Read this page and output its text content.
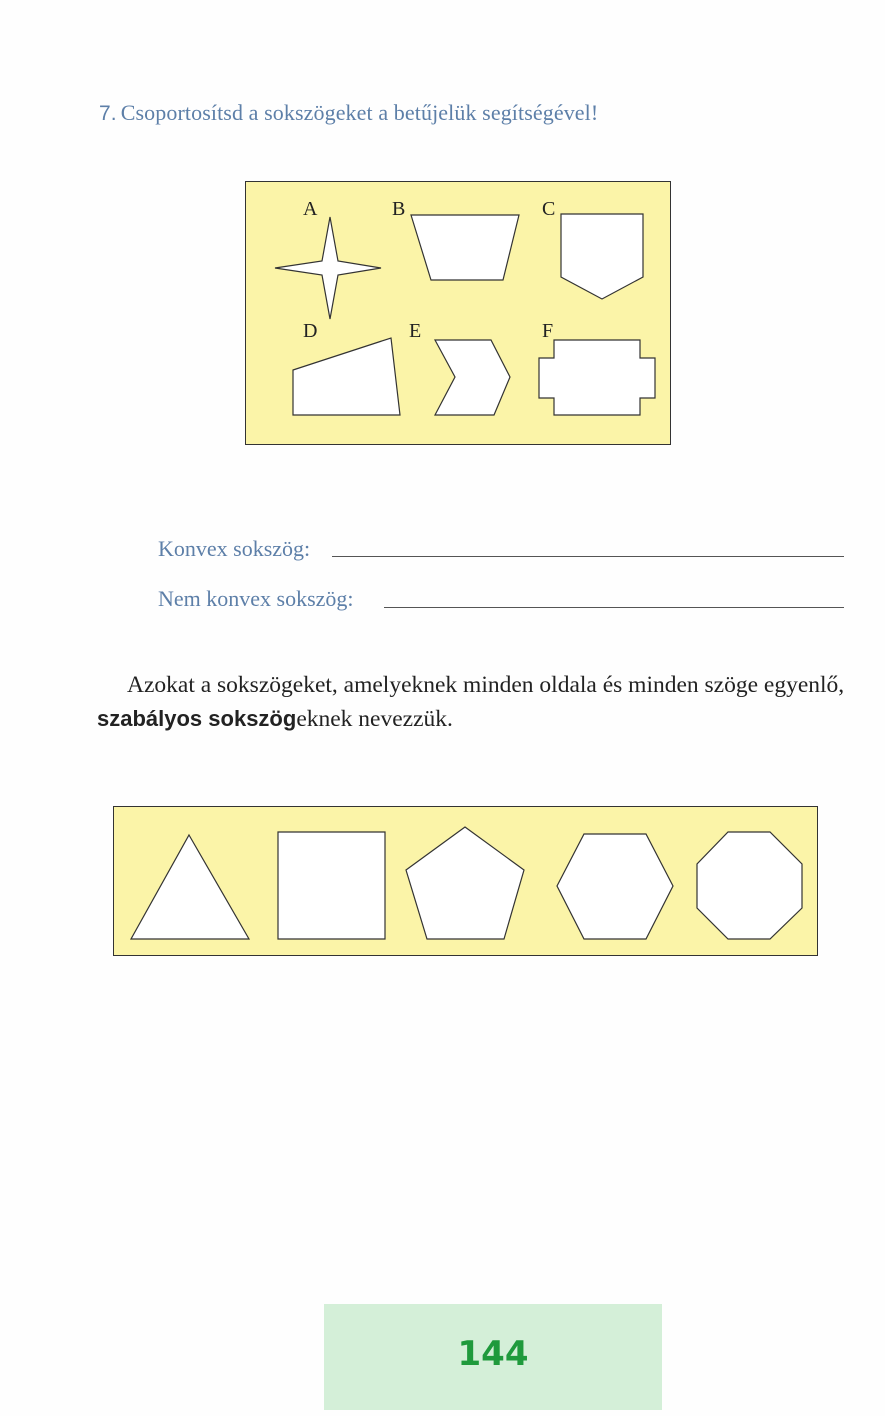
7. Csoportosítsd a sokszögeket a betűjelük segítségével!
A	B	C
D	E	F
Konvex sokszög:
Nem konvex sokszög:
Azokat a sokszögeket, amelyeknek minden oldala és minden szöge egyenlő, szabályos sokszögeknek nevezzük.
144
